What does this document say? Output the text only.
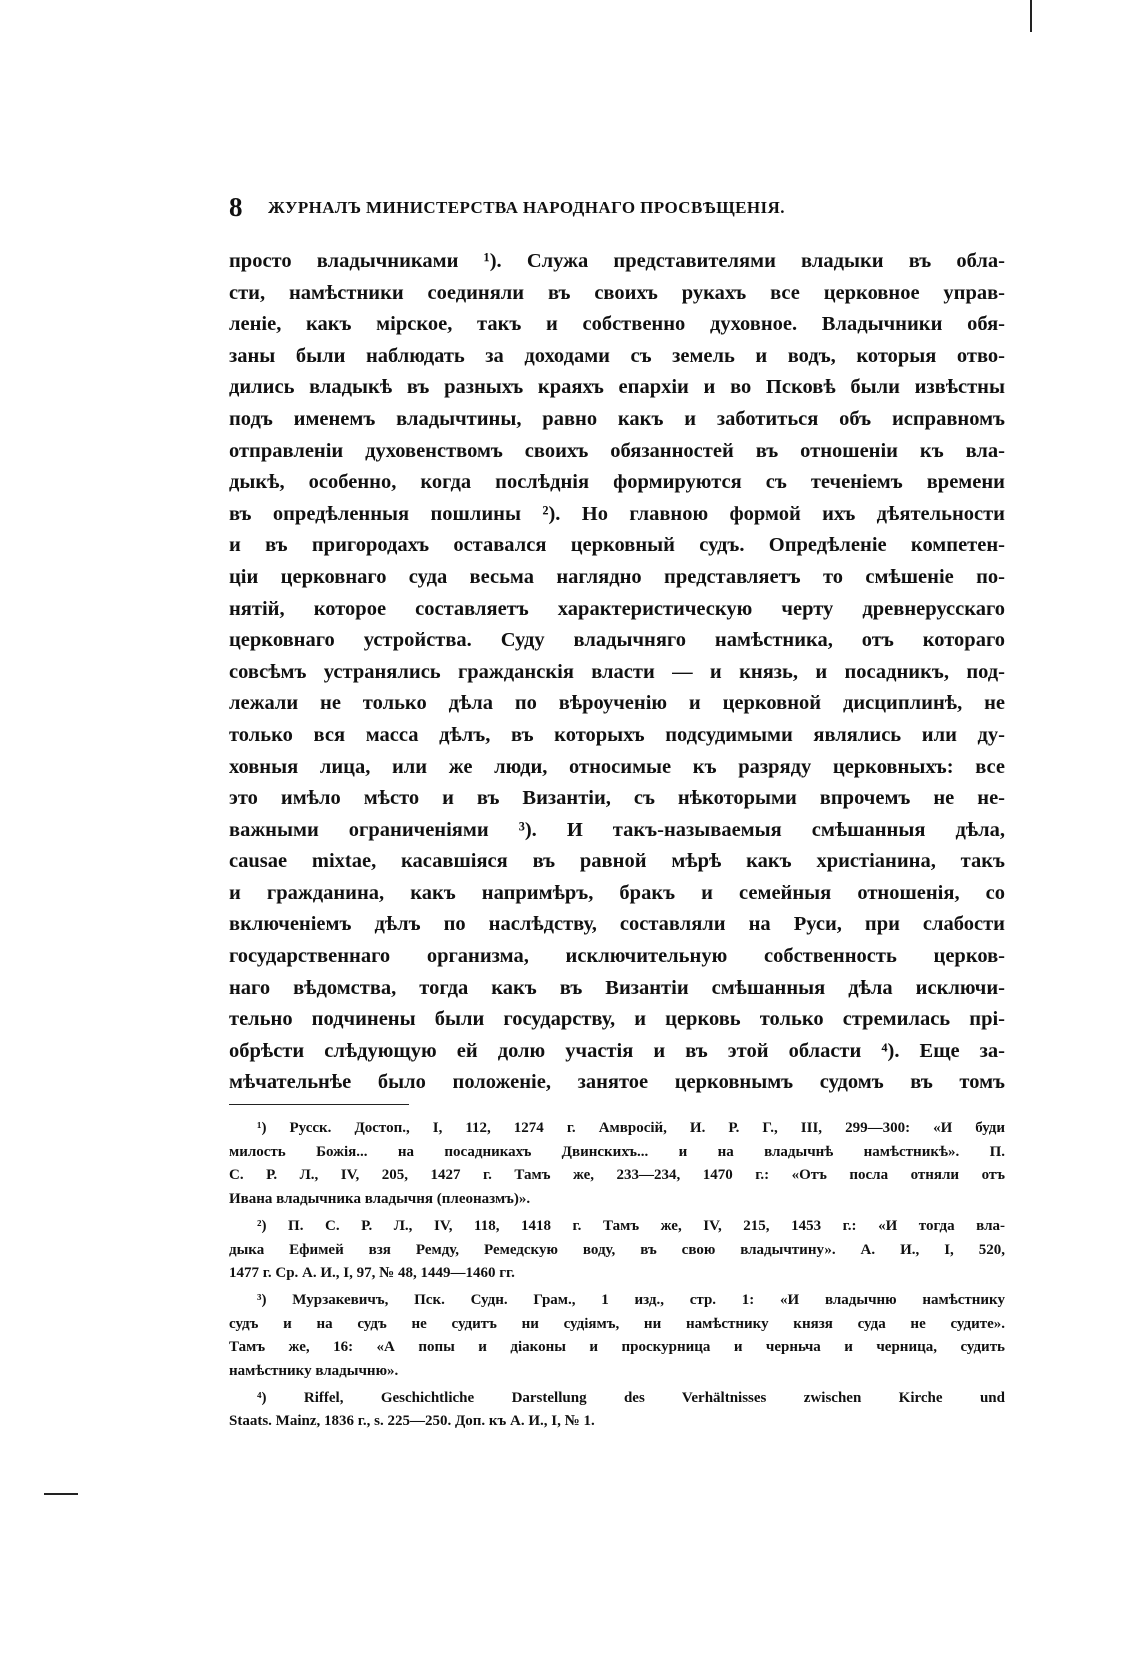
8 ЖУРНАЛЪ МИНИСТЕРСТВА НАРОДНАГО ПРОСВѢЩЕНІЯ.
просто владычниками ¹). Служа представителями владыки въ обла-
сти, намѣстники соединяли въ своихъ рукахъ все церковное управ-
леніе, какъ мірское, такъ и собственно духовное. Владычники обя-
заны были наблюдать за доходами съ земель и водъ, которыя отво-
дились владыкѣ въ разныхъ краяхъ епархіи и во Псковѣ были извѣстны
подъ именемъ владычтины, равно какъ и заботиться объ исправномъ
отправленіи духовенствомъ своихъ обязанностей въ отношеніи къ вла-
дыкѣ, особенно, когда послѣднія формируются съ теченіемъ времени
въ опредѣленныя пошлины ²). Но главною формой ихъ дѣятельности
и въ пригородахъ оставался церковный судъ. Опредѣленіе компетен-
ціи церковнаго суда весьма наглядно представляетъ то смѣшеніе по-
нятій, которое составляетъ характеристическую черту древнерусскаго
церковнаго устройства. Суду владычняго намѣстника, отъ котораго
совсѣмъ устранялись гражданскія власти — и князь, и посадникъ, под-
лежали не только дѣла по вѣроученію и церковной дисциплинѣ, не
только вся масса дѣлъ, въ которыхъ подсудимыми являлись или ду-
ховныя лица, или же люди, относимые къ разряду церковныхъ: все
это имѣло мѣсто и въ Византіи, съ нѣкоторыми впрочемъ не не-
важными ограниченіями ³). И такъ-называемыя смѣшанныя дѣла,
causae mixtae, касавшіяся въ равной мѣрѣ какъ христіанина, такъ
и гражданина, какъ напримѣръ, бракъ и семейныя отношенія, со
включеніемъ дѣлъ по наслѣдству, составляли на Руси, при слабости
государственнаго организма, исключительную собственность церков-
наго вѣдомства, тогда какъ въ Византіи смѣшанныя дѣла исключи-
тельно подчинены были государству, и церковь только стремилась прі-
обрѣсти слѣдующую ей долю участія и въ этой области ⁴). Еще за-
мѣчательнѣе было положеніе, занятое церковнымъ судомъ въ томъ
¹) Русск. Достоп., I, 112, 1274 г. Амвросій, И. Р. Г., III, 299—300: «И буди
милость Божія... на посадникахъ Двинскихъ... и на владычнѣ намѣстникѣ». П.
С. Р. Л., IV, 205, 1427 г. Тамъ же, 233—234, 1470 г.: «Отъ посла отняли отъ
Ивана владычника владычня (плеоназмъ)».
²) П. С. Р. Л., IV, 118, 1418 г. Тамъ же, IV, 215, 1453 г.: «И тогда вла-
дыка Ефимей взя Ремду, Ремедскую воду, въ свою владычтину». А. И., I, 520,
1477 г. Ср. А. И., I, 97, № 48, 1449—1460 гг.
³) Мурзакевичъ, Пск. Судн. Грам., 1 изд., стр. 1: «И владычню намѣстнику
судъ и на судъ не судитъ ни судіямъ, ни намѣстнику князя суда не судите».
Тамъ же, 16: «А попы и діаконы и проскурница и черньча и черница, судить
намѣстнику владычню».
⁴) Riffel, Geschichtliche Darstellung des Verhältnisses zwischen Kirche und
Staats. Mainz, 1836 г., s. 225—250. Доп. къ А. И., I, № 1.
